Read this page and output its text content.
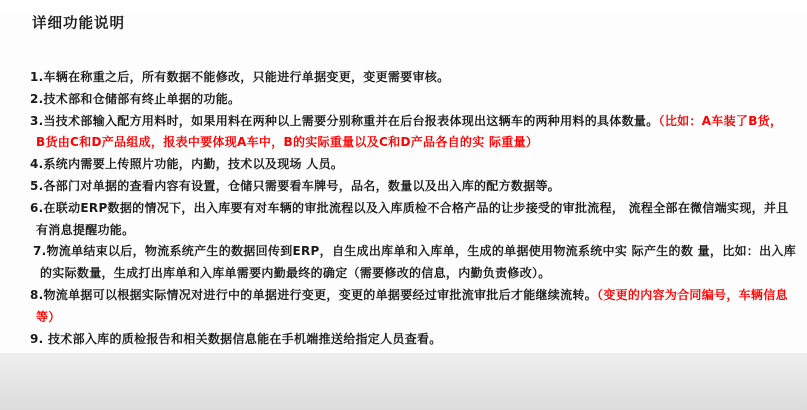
详细功能说明
1.车辆在称重之后，所有数据不能修改，只能进行单据变更，变更需要审核。
2.技术部和仓储部有终止单据的功能。
3.当技术部输入配方用料时，如果用料在两种以上需要分别称重并在后台报表体现出这辆车的两种用料的具体数量。（比如：A车装了B货，
B货由C和D产品组成，报表中要体现A车中，B的实际重量以及C和D产品各自的实 际重量）
4.系统内需要上传照片功能，内勤，技术以及现场 人员。
5.各部门对单据的查看内容有设置，仓储只需要看车牌号，品名，数量以及出入库的配方数据等。
6.在联动ERP数据的情况下，出入库要有对车辆的审批流程以及入库质检不合格产品的让步接受的审批流程， 流程全部在微信端实现，并且
有消息提醒功能。
7.物流单结束以后，物流系统产生的数据回传到ERP，自生成出库单和入库单，生成的单据使用物流系统中实 际产生的数 量，比如：出入库
的实际数量，生成打出库单和入库单需要内勤最终的确定（需要修改的信息，内勤负责修改）。
8.物流单据可以根据实际情况对进行中的单据进行变更，变更的单据要经过审批流审批后才能继续流转。（变更的内容为合同编号，车辆信息
等）
9. 技术部入库的质检报告和相关数据信息能在手机端推送给指定人员查看。
